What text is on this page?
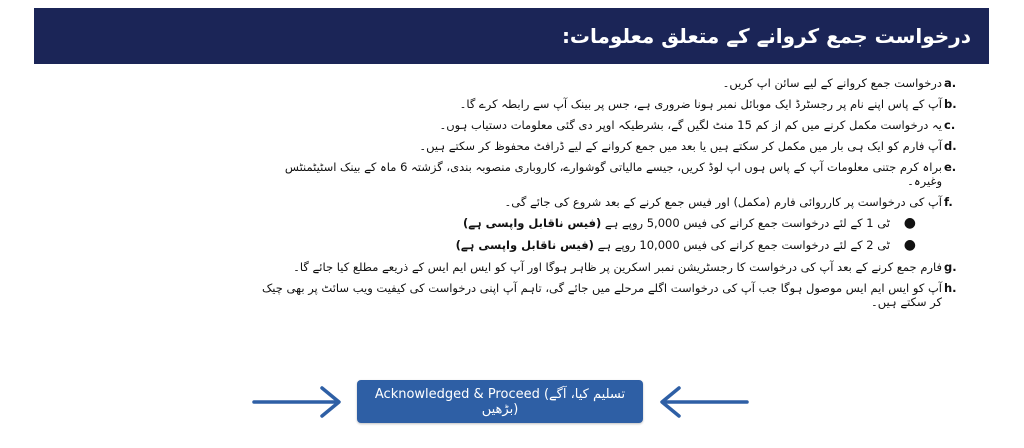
درخواست جمع کروانے کے متعلق معلومات:
a.
درخواست جمع کروانے کے لیے سائن اپ کریں۔
b.
آپ کے پاس اپنے نام پر رجسٹرڈ ایک موبائل نمبر ہونا ضروری ہے، جس پر بینک آپ سے رابطہ کرے گا۔
c.
یہ درخواست مکمل کرنے میں کم از کم 15 منٹ لگیں گے، بشرطیکہ اوپر دی گئی معلومات دستیاب ہوں۔
d.
آپ فارم کو ایک ہی بار میں مکمل کر سکتے ہیں یا بعد میں جمع کروانے کے لیے ڈرافٹ محفوظ کر سکتے ہیں۔
e.
براہ کرم جتنی معلومات آپ کے پاس ہوں اپ لوڈ کریں، جیسے مالیاتی گوشوارے، کاروباری منصوبہ بندی، گزشتہ 6 ماہ کے بینک اسٹیٹمنٹس وغیرہ۔
f.
آپ کی درخواست پر کارروائی فارم (مکمل) اور فیس جمع کرنے کے بعد شروع کی جائے گی۔
●
ٹی 1 کے لئے درخواست جمع کرانے کی فیس 5,000 روپے ہے (فیس ناقابل واپسی ہے)
●
ٹی 2 کے لئے درخواست جمع کرانے کی فیس 10,000 روپے ہے (فیس ناقابل واپسی ہے)
g.
فارم جمع کرنے کے بعد آپ کی درخواست کا رجسٹریشن نمبر اسکرین پر ظاہر ہوگا اور آپ کو ایس ایم ایس کے ذریعے مطلع کیا جائے گا۔
h.
آپ کو ایس ایم ایس موصول ہوگا جب آپ کی درخواست اگلے مرحلے میں جائے گی، تاہم آپ اپنی درخواست کی کیفیت ویب سائٹ پر بھی چیک کر سکتے ہیں۔
Acknowledged & Proceed (تسلیم کیا، آگے بڑھیں)
